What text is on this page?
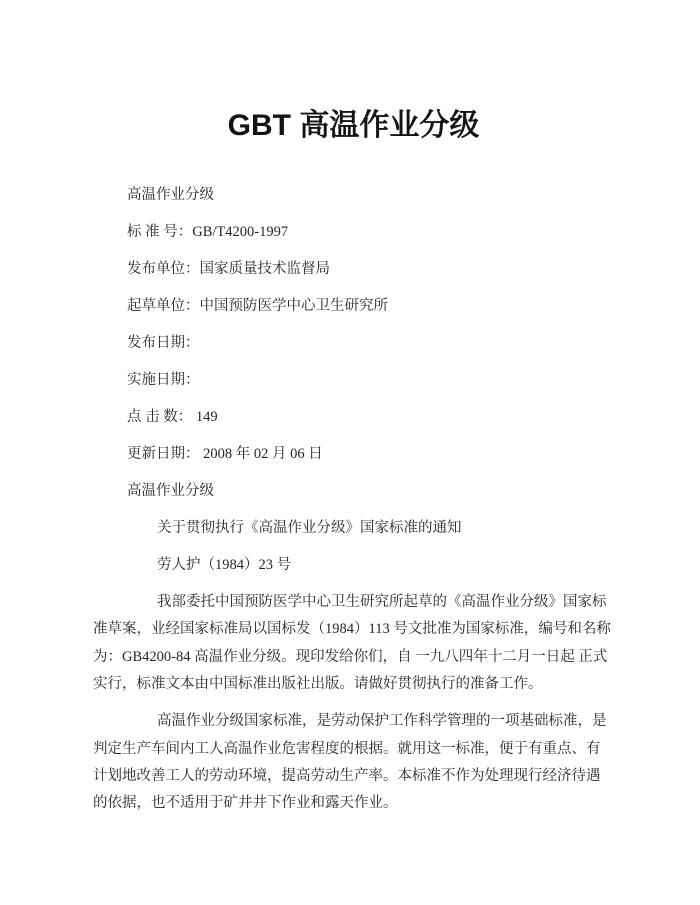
GBT 高温作业分级

高温作业分级

标 准 号：GB/T4200-1997

发布单位：国家质量技术监督局

起草单位：中国预防医学中心卫生研究所

发布日期：

实施日期：

点 击 数： 149

更新日期： 2008 年 02 月 06 日

高温作业分级

关于贯彻执行《高温作业分级》国家标准的通知

劳人护（1984）23 号

我部委托中国预防医学中心卫生研究所起草的《高温作业分级》国家标准草案，业经国家标准局以国标发（1984）113 号文批准为国家标准，编号和名称为：GB4200-84 高温作业分级。现印发给你们，自 一九八四年十二月一日起 正式实行，标准文本由中国标准出版社出版。请做好贯彻执行的准备工作。

高温作业分级国家标准，是劳动保护工作科学管理的一项基础标准，是判定生产车间内工人高温作业危害程度的根据。就用这一标准，便于有重点、有计划地改善工人的劳动环境，提高劳动生产率。本标准不作为处理现行经济待遇的依据，也不适用于矿井井下作业和露天作业。
